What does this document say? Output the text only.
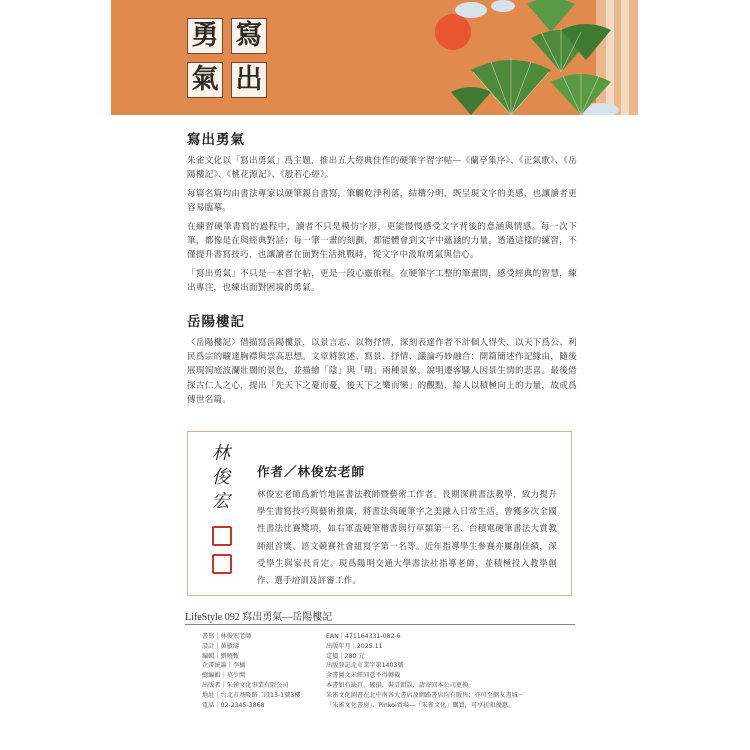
勇 寫
氣 出
寫出勇氣

朱雀文化以「寫出勇氣」爲主題，推出五大經典佳作的硬筆字習字帖—《蘭亭集序》、《正氣歌》、《岳陽樓記》、《桃花源記》、《般若心經》。

每篇名篇均由書法專家以硬筆親自書寫，筆觸乾淨利落，結構分明，既呈現文字的美感，也讓讀者更容易臨摹。

在練習硬筆書寫的過程中，讀者不只是模仿字形，更能慢慢感受文字背後的意涵與情感。每一次下筆，都像是在與經典對話；每一筆一畫的刻劃，都能體會到文字中蘊涵的力量。透過這樣的練習，不僅提升書寫技巧，也讓讀者在面對生活挑戰時，從文字中汲取勇氣與信心。

「寫出勇氣」不只是一本習字帖，更是一段心靈旅程。在硬筆字工整的筆畫間，感受經典的智慧，練出專注，也練出面對困境的勇氣。

岳陽樓記

〈岳陽樓記〉借描寫岳陽樓景，以景言志、以物抒情，深刻表達作者不計個人得失、以天下爲公、利民爲宗的曠達胸襟與崇高思想。文章將敘述、寫景、抒情、議論巧妙融合：開篇簡述作記緣由，隨後展現洞庭波瀾壯闊的景色，並描繪「陰」與「晴」兩種景象，說明遷客騷人因景生情的悲喜。最後借探古仁人之心，提出「先天下之憂而憂，後天下之樂而樂」的觀點，給人以積極向上的力量，故成爲傳世名篇。

林
俊
宏
作者／林俊宏老師
林俊宏老師爲新竹地區書法教師暨藝術工作者。長期深耕書法教學，致力提升學生書寫技巧與藝術推廣，將書法與硬筆字之美融入日常生活。曾獲多次全國性書法比賽獎項，如右軍盃硬筆楷書與行草類第一名、台積電硬筆書法大賞教師組首獎、語文競賽社會組寫字第一名等。近年指導學生參賽亦屢創佳績，深受學生與家長肯定。現爲陽明交通大學書法社指導老師，並積極投入教學創作、選手培訓及評審工作。
LifeStyle 092 寫出勇氣—岳陽樓記
書寫｜林俊宏老師
設計｜黃敏濤
編輯｜劉曉甄
企畫統籌｜李橘
總編輯｜莫少閒
出版者｜朱雀文化事業有限公司
地址｜台北市基隆路二段13-1號3樓
電話｜02-2345-3868
EAN｜471164331-082-6
出版年月｜2025.11
定價｜280 元
出版登記北市業字第1403號
全書圖文未經同意不得轉載
本書如有缺頁、破損、裝訂錯誤，請寄回本公司更換。
朱雀文化圖書在北中南各大書店及網路書店均有販售；亦可至網友書城－
「朱雀文化書房」、Pinkoi賣場—「朱雀文化」購買，可享折扣優惠。
